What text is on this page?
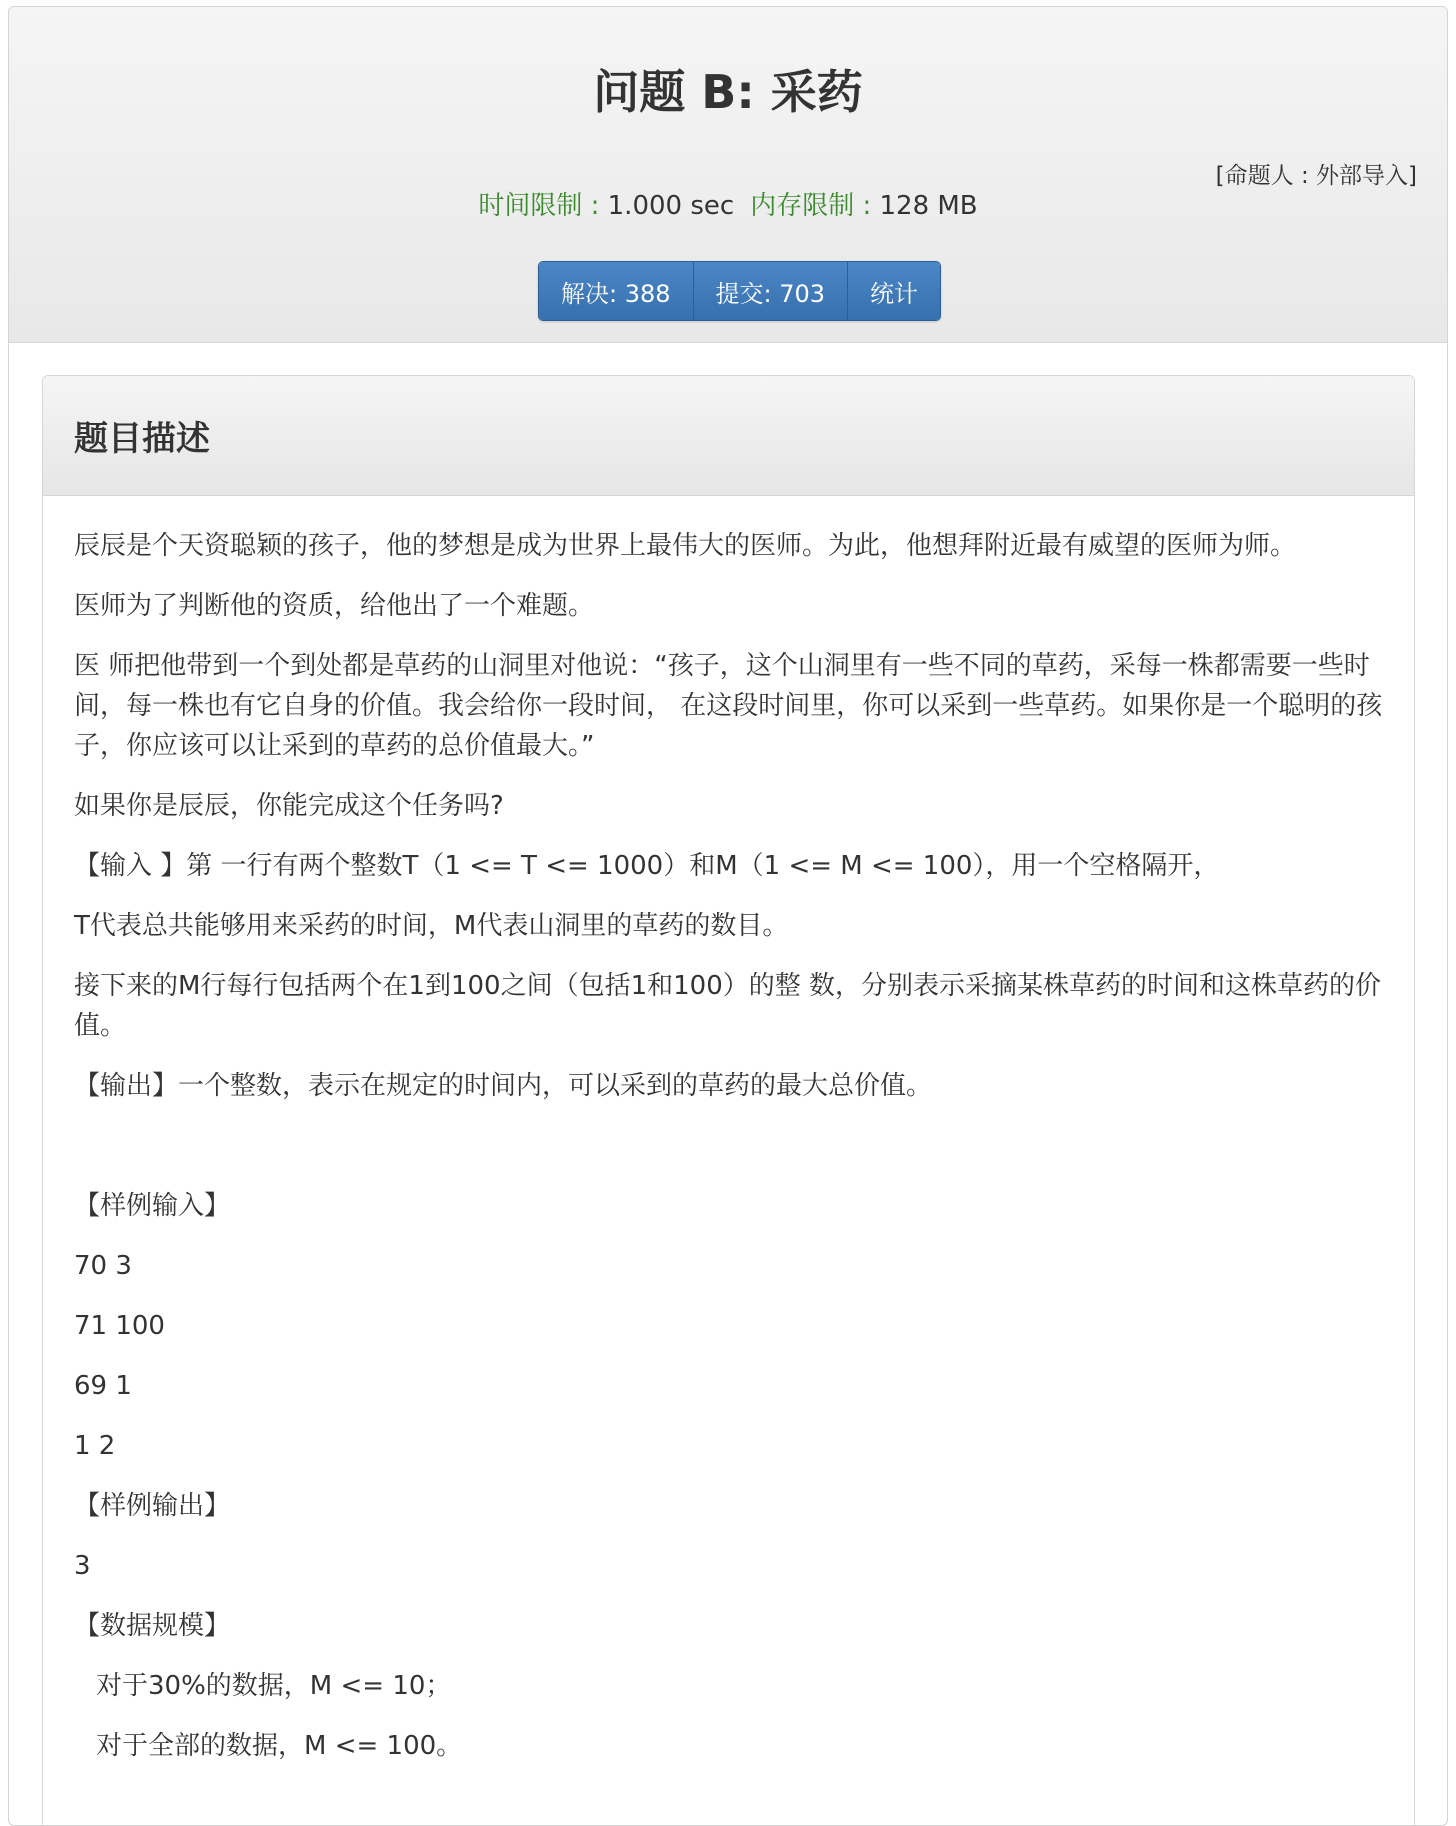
问题 B: 采药
[命题人 : 外部导入]
时间限制 : 1.000 sec 内存限制 : 128 MB
解决: 388	提交: 703	统计
题目描述

辰辰是个天资聪颖的孩子，他的梦想是成为世界上最伟大的医师。为此，他想拜附近最有威望的医师为师。

医师为了判断他的资质，给他出了一个难题。

医 师把他带到一个到处都是草药的山洞里对他说：“孩子，这个山洞里有一些不同的草药，采每一株都需要一些时间，每一株也有它自身的价值。我会给你一段时间， 在这段时间里，你可以采到一些草药。如果你是一个聪明的孩子，你应该可以让采到的草药的总价值最大。”

如果你是辰辰，你能完成这个任务吗?

【输入 】第 一行有两个整数T（1 <= T <= 1000）和M（1 <= M <= 100），用一个空格隔开，

T代表总共能够用来采药的时间，M代表山洞里的草药的数目。

接下来的M行每行包括两个在1到100之间（包括1和100）的整 数，分别表示采摘某株草药的时间和这株草药的价值。

【输出】一个整数，表示在规定的时间内，可以采到的草药的最大总价值。

【样例输入】

70 3

71 100

69 1

1 2

【样例输出】

3

【数据规模】

对于30%的数据，M <= 10；

对于全部的数据，M <= 100。
